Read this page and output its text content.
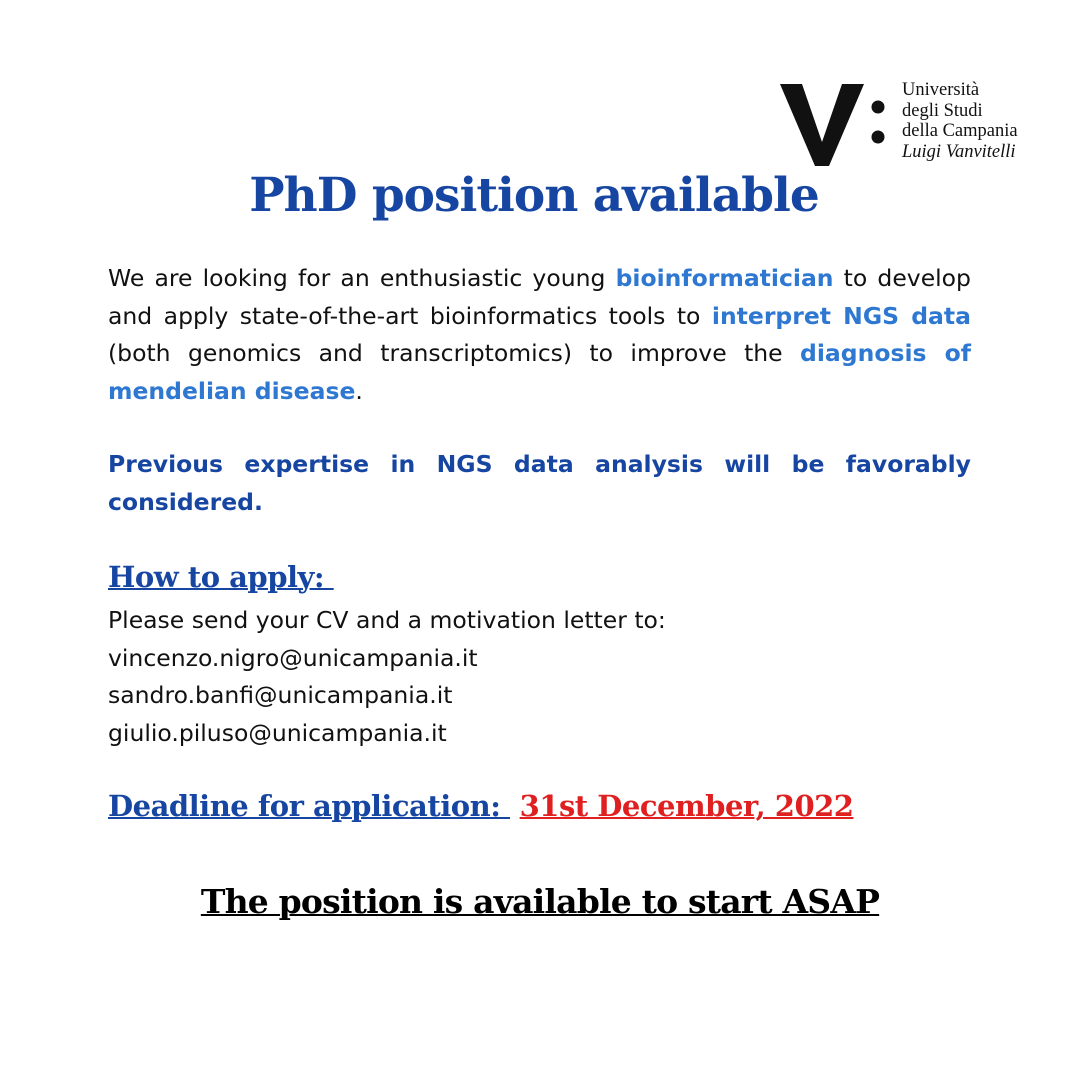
Università
degli Studi
della Campania
Luigi Vanvitelli
PhD position available

We are looking for an enthusiastic young bioinformatician to develop and apply state-of-the-art bioinformatics tools to interpret NGS data (both genomics and transcriptomics) to improve the diagnosis of mendelian disease.

Previous expertise in NGS data analysis will be favorably considered.

How to apply:
Please send your CV and a motivation letter to:
vincenzo.nigro@unicampania.it
sandro.banfi@unicampania.it
giulio.piluso@unicampania.it
Deadline for application:  31st December, 2022

The position is available to start ASAP
